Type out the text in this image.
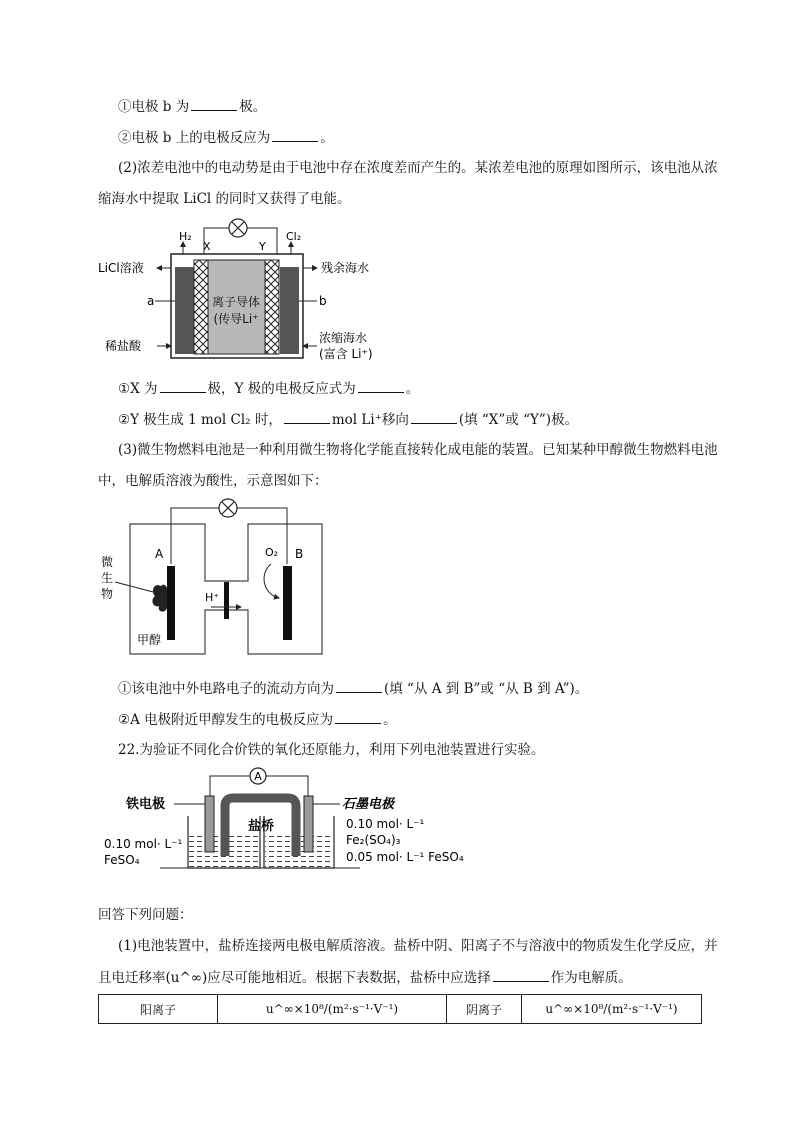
①电极 b 为	极。
②电极 b 上的电极反应为	。
(2)浓差电池中的电动势是由于电池中存在浓度差而产生的。某浓差电池的原理如图所示，该电池从浓
缩海水中提取 LiCl 的同时又获得了电能。
离子导体
(传导Li⁺
H₂
X	Y
Cl₂
LiCl溶液
a
稀盐酸
残余海水
b
浓缩海水
(富含 Li⁺)
①X 为	极，Y 极的电极反应式为	。
②Y 极生成 1 mol Cl₂ 时，	mol Li⁺移向	(填 “X”或 “Y”)极。
(3)微生物燃料电池是一种利用微生物将化学能直接转化成电能的装置。已知某种甲醇微生物燃料电池
中，电解质溶液为酸性，示意图如下：
H⁺
A	B
微
生
物
甲醇
O₂
①该电池中外电路电子的流动方向为	(填 “从 A 到 B”或 “从 B 到 A”)。
②A 电极附近甲醇发生的电极反应为	。
22.为验证不同化合价铁的氧化还原能力，利用下列电池装置进行实验。
A
盐桥
铁电极	石墨电极
0.10 mol· L⁻¹
FeSO₄
0.10 mol· L⁻¹
Fe₂(SO₄)₃
0.05 mol· L⁻¹ FeSO₄
回答下列问题：
(1)电池装置中，盐桥连接两电极电解质溶液。盐桥中阴、阳离子不与溶液中的物质发生化学反应，并
且电迁移率(u^∞)应尽可能地相近。根据下表数据，盐桥中应选择	作为电解质。
阳离子	u^∞×10⁸/(m²·s⁻¹·V⁻¹)	阴离子	u^∞×10⁸/(m²·s⁻¹·V⁻¹)
